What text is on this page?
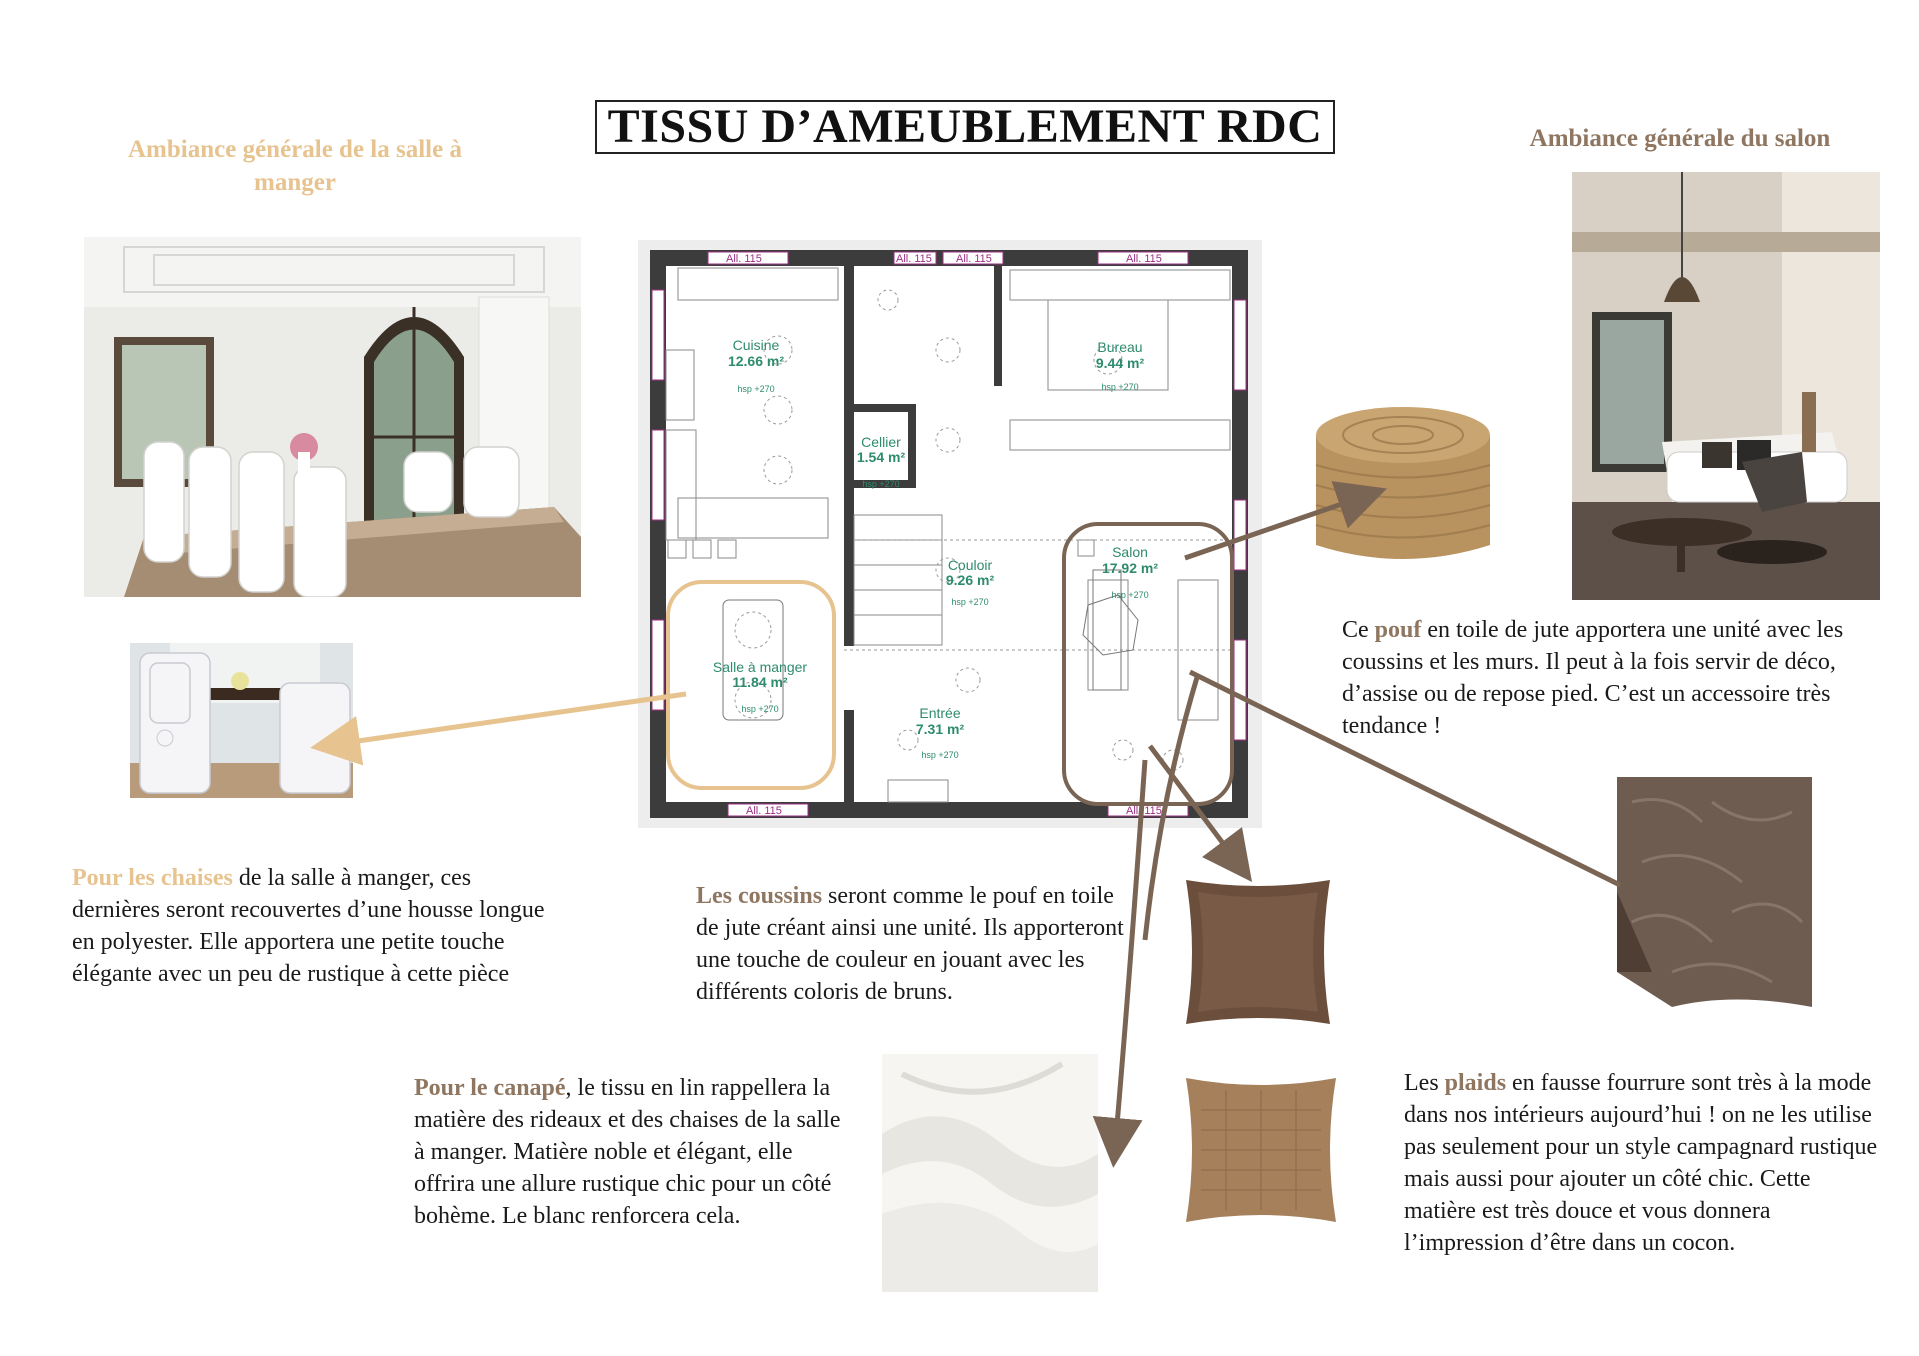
TISSU D’AMEUBLEMENT RDC
Ambiance générale de la salle à manger
Ambiance générale du salon
All. 115	All. 115 All. 115	All. 115
All. 115	All. 115
Cuisine
12.66 m²
hsp +270
Bureau
9.44 m²
hsp +270
Cellier
1.54 m²
hsp +270
Couloir
9.26 m²
hsp +270
Salon
17.92 m²
hsp +270
Salle à manger
11.84 m²
hsp +270	Entrée
7.31 m²
hsp +270
Pour les chaises de la salle à manger, ces dernières seront recouvertes d’une housse longue en polyester. Elle apportera une petite touche élégante avec un peu de rustique à cette pièce
Les coussins seront comme le pouf en toile de jute créant ainsi une unité. Ils apporteront une touche de couleur en jouant avec les différents coloris de bruns.
Pour le canapé, le tissu en lin rappellera la matière des rideaux et des chaises de la salle à manger. Matière noble et élégant, elle offrira une allure rustique chic pour un côté bohème. Le blanc renforcera cela.
Ce pouf en toile de jute apportera une unité avec les coussins et les murs. Il peut à la fois servir de déco, d’assise ou de repose pied. C’est un accessoire très tendance !
Les plaids en fausse fourrure sont très à la mode dans nos intérieurs aujourd’hui ! on ne les utilise pas seulement pour un style campagnard rustique mais aussi pour ajouter un côté chic. Cette matière est très douce et vous donnera l’impression d’être dans un cocon.
